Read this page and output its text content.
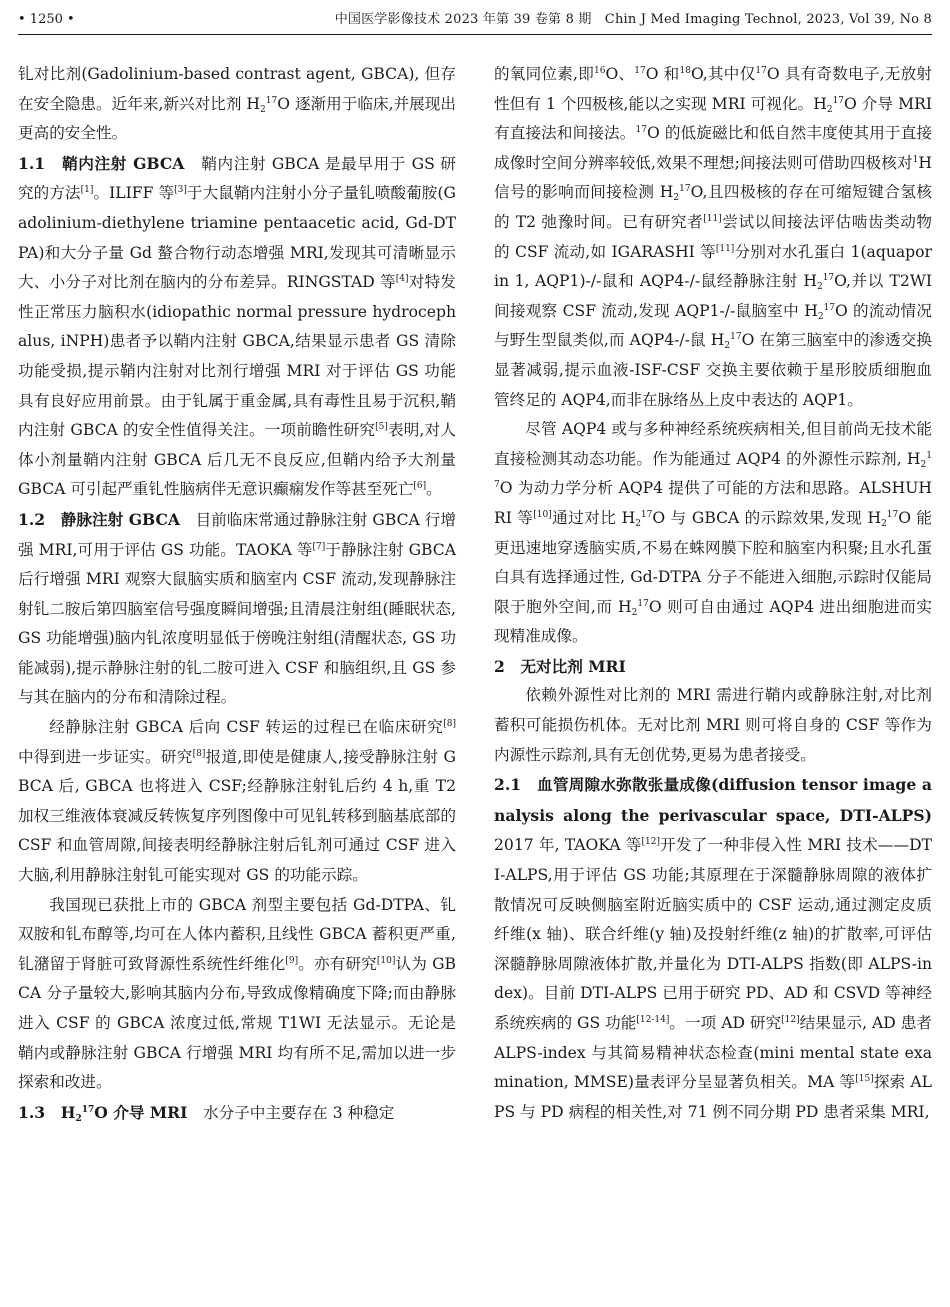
• 1250 •	中国医学影像技术 2023 年第 39 卷第 8 期　Chin J Med Imaging Technol, 2023, Vol 39, No 8

钆对比剂(Gadolinium-based contrast agent, GBCA), 但存在安全隐患。近年来,新兴对比剂 $H_2^{17}O$ 逐渐用于临床,并展现出更高的安全性。

1.1　鞘内注射 GBCA　鞘内注射 GBCA 是最早用于 GS 研究的方法[1]。ILIFF 等[3]于大鼠鞘内注射小分子量钆喷酸葡胺(Gadolinium-diethylene triamine pentaacetic acid, Gd-DTPA)和大分子量 Gd 螯合物行动态增强 MRI,发现其可清晰显示大、小分子对比剂在脑内的分布差异。RINGSTAD 等[4]对特发性正常压力脑积水(idiopathic normal pressure hydrocephalus, iNPH)患者予以鞘内注射 GBCA,结果显示患者 GS 清除功能受损,提示鞘内注射对比剂行增强 MRI 对于评估 GS 功能具有良好应用前景。由于钆属于重金属,具有毒性且易于沉积,鞘内注射 GBCA 的安全性值得关注。一项前瞻性研究[5]表明,对人体小剂量鞘内注射 GBCA 后几无不良反应,但鞘内给予大剂量 GBCA 可引起严重钆性脑病伴无意识癫痫发作等甚至死亡[6]。

1.2　静脉注射 GBCA　目前临床常通过静脉注射 GBCA 行增强 MRI,可用于评估 GS 功能。TAOKA 等[7]于静脉注射 GBCA 后行增强 MRI 观察大鼠脑实质和脑室内 CSF 流动,发现静脉注射钆二胺后第四脑室信号强度瞬间增强;且清晨注射组(睡眠状态, GS 功能增强)脑内钆浓度明显低于傍晚注射组(清醒状态, GS 功能减弱),提示静脉注射的钆二胺可进入 CSF 和脑组织,且 GS 参与其在脑内的分布和清除过程。

经静脉注射 GBCA 后向 CSF 转运的过程已在临床研究[8]中得到进一步证实。研究[8]报道,即使是健康人,接受静脉注射 GBCA 后, GBCA 也将进入 CSF;经静脉注射钆后约 4 h,重 T2 加权三维液体衰减反转恢复序列图像中可见钆转移到脑基底部的 CSF 和血管周隙,间接表明经静脉注射后钆剂可通过 CSF 进入大脑,利用静脉注射钆可能实现对 GS 的功能示踪。

我国现已获批上市的 GBCA 剂型主要包括 Gd-DTPA、钆双胺和钆布醇等,均可在人体内蓄积,且线性 GBCA 蓄积更严重,钆潴留于肾脏可致肾源性系统性纤维化[9]。亦有研究[10]认为 GBCA 分子量较大,影响其脑内分布,导致成像精确度下降;而由静脉进入 CSF 的 GBCA 浓度过低,常规 T1WI 无法显示。无论是鞘内或静脉注射 GBCA 行增强 MRI 均有所不足,需加以进一步探索和改进。

1.3　$H_2^{17}O$ 介导 MRI　水分子中主要存在 3 种稳定

的氧同位素,即$^{16}$O、$^{17}$O 和$^{18}$O,其中仅$^{17}$O 具有奇数电子,无放射性但有 1 个四极核,能以之实现 MRI 可视化。$H_2^{17}O$ 介导 MRI 有直接法和间接法。$^{17}$O 的低旋磁比和低自然丰度使其用于直接成像时空间分辨率较低,效果不理想;间接法则可借助四极核对$^1$H 信号的影响而间接检测 $H_2^{17}O$,且四极核的存在可缩短键合氢核的 T2 弛豫时间。已有研究者[11]尝试以间接法评估啮齿类动物的 CSF 流动,如 IGARASHI 等[11]分别对水孔蛋白 1(aquaporin 1, AQP1)-/-鼠和 AQP4-/-鼠经静脉注射 $H_2^{17}O$,并以 T2WI 间接观察 CSF 流动,发现 AQP1-/-鼠脑室中 $H_2^{17}O$ 的流动情况与野生型鼠类似,而 AQP4-/-鼠 $H_2^{17}O$ 在第三脑室中的渗透交换显著减弱,提示血液-ISF-CSF 交换主要依赖于星形胶质细胞血管终足的 AQP4,而非在脉络丛上皮中表达的 AQP1。

尽管 AQP4 或与多种神经系统疾病相关,但目前尚无技术能直接检测其动态功能。作为能通过 AQP4 的外源性示踪剂, $H_2^{17}O$ 为动力学分析 AQP4 提供了可能的方法和思路。ALSHUHRI 等[10]通过对比 $H_2^{17}O$ 与 GBCA 的示踪效果,发现 $H_2^{17}O$ 能更迅速地穿透脑实质,不易在蛛网膜下腔和脑室内积聚;且水孔蛋白具有选择通过性, Gd-DTPA 分子不能进入细胞,示踪时仅能局限于胞外空间,而 $H_2^{17}O$ 则可自由通过 AQP4 进出细胞进而实现精准成像。

2　无对比剂 MRI

依赖外源性对比剂的 MRI 需进行鞘内或静脉注射,对比剂蓄积可能损伤机体。无对比剂 MRI 则可将自身的 CSF 等作为内源性示踪剂,具有无创优势,更易为患者接受。

2.1　血管周隙水弥散张量成像(diffusion tensor image analysis along the perivascular space, DTI-ALPS)　2017 年, TAOKA 等[12]开发了一种非侵入性 MRI 技术——DTI-ALPS,用于评估 GS 功能;其原理在于深髓静脉周隙的液体扩散情况可反映侧脑室附近脑实质中的 CSF 运动,通过测定皮质纤维(x 轴)、联合纤维(y 轴)及投射纤维(z 轴)的扩散率,可评估深髓静脉周隙液体扩散,并量化为 DTI-ALPS 指数(即 ALPS-index)。目前 DTI-ALPS 已用于研究 PD、AD 和 CSVD 等神经系统疾病的 GS 功能[12-14]。一项 AD 研究[12]结果显示, AD 患者 ALPS-index 与其简易精神状态检查(mini mental state examination, MMSE)量表评分呈显著负相关。MA 等[15]探索 ALPS 与 PD 病程的相关性,对 71 例不同分期 PD 患者采集 MRI,
